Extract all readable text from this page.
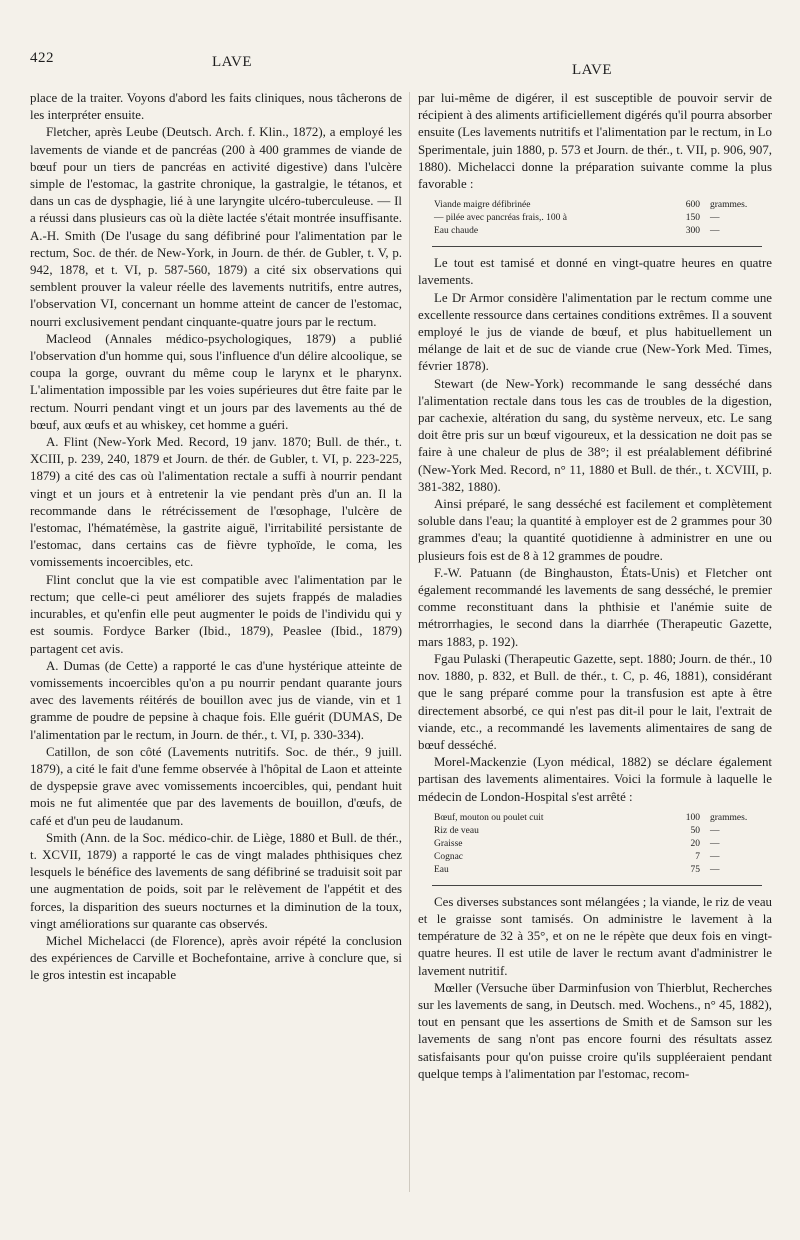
422	LAVE	LAVE

place de la traiter. Voyons d'abord les faits cliniques, nous tâcherons de les interpréter ensuite.

Fletcher, après Leube (Deutsch. Arch. f. Klin., 1872), a employé les lavements de viande et de pancréas (200 à 400 grammes de viande de bœuf pour un tiers de pancréas en activité digestive) dans l'ulcère simple de l'estomac, la gastrite chronique, la gastralgie, le tétanos, et dans un cas de dysphagie, lié à une laryngite ulcéro-tuberculeuse. — Il a réussi dans plusieurs cas où la diète lactée s'était montrée insuffisante. A.-H. Smith (De l'usage du sang défibriné pour l'alimentation par le rectum, Soc. de thér. de New-York, in Journ. de thér. de Gubler, t. V, p. 942, 1878, et t. VI, p. 587-560, 1879) a cité six observations qui semblent prouver la valeur réelle des lavements nutritifs, entre autres, l'observation VI, concernant un homme atteint de cancer de l'estomac, nourri exclusivement pendant cinquante-quatre jours par le rectum.

Macleod (Annales médico-psychologiques, 1879) a publié l'observation d'un homme qui, sous l'influence d'un délire alcoolique, se coupa la gorge, ouvrant du même coup le larynx et le pharynx. L'alimentation impossible par les voies supérieures dut être faite par le rectum. Nourri pendant vingt et un jours par des lavements au thé de bœuf, aux œufs et au whiskey, cet homme a guéri.

A. Flint (New-York Med. Record, 19 janv. 1870; Bull. de thér., t. XCIII, p. 239, 240, 1879 et Journ. de thér. de Gubler, t. VI, p. 223-225, 1879) a cité des cas où l'alimentation rectale a suffi à nourrir pendant vingt et un jours et à entretenir la vie pendant près d'un an. Il la recommande dans le rétrécissement de l'œsophage, l'ulcère de l'estomac, l'hématémèse, la gastrite aiguë, l'irritabilité persistante de l'estomac, dans certains cas de fièvre typhoïde, le coma, les vomissements incoercibles, etc.

Flint conclut que la vie est compatible avec l'alimentation par le rectum; que celle-ci peut améliorer des sujets frappés de maladies incurables, et qu'enfin elle peut augmenter le poids de l'individu qui y est soumis. Fordyce Barker (Ibid., 1879), Peaslee (Ibid., 1879) partagent cet avis.

A. Dumas (de Cette) a rapporté le cas d'une hystérique atteinte de vomissements incoercibles qu'on a pu nourrir pendant quarante jours avec des lavements réitérés de bouillon avec jus de viande, vin et 1 gramme de poudre de pepsine à chaque fois. Elle guérit (DUMAS, De l'alimentation par le rectum, in Journ. de thér., t. VI, p. 330-334).

Catillon, de son côté (Lavements nutritifs. Soc. de thér., 9 juill. 1879), a cité le fait d'une femme observée à l'hôpital de Laon et atteinte de dyspepsie grave avec vomissements incoercibles, qui, pendant huit mois ne fut alimentée que par des lavements de bouillon, d'œufs, de café et d'un peu de laudanum.

Smith (Ann. de la Soc. médico-chir. de Liège, 1880 et Bull. de thér., t. XCVII, 1879) a rapporté le cas de vingt malades phthisiques chez lesquels le bénéfice des lavements de sang défibriné se traduisit soit par une augmentation de poids, soit par le relèvement de l'appétit et des forces, la disparition des sueurs nocturnes et la diminution de la toux, vingt améliorations sur quarante cas observés.

Michel Michelacci (de Florence), après avoir répété la conclusion des expériences de Carville et Bochefontaine, arrive à conclure que, si le gros intestin est incapable

par lui-même de digérer, il est susceptible de pouvoir servir de récipient à des aliments artificiellement digérés qu'il pourra absorber ensuite (Les lavements nutritifs et l'alimentation par le rectum, in Lo Sperimentale, juin 1880, p. 573 et Journ. de thér., t. VII, p. 906, 907, 1880). Michelacci donne la préparation suivante comme la plus favorable :

Viande maigre défibrinée	600	grammes.
— pilée avec pancréas frais,. 100 à	150	—
Eau chaude	300	—

Le tout est tamisé et donné en vingt-quatre heures en quatre lavements.

Le Dr Armor considère l'alimentation par le rectum comme une excellente ressource dans certaines conditions extrêmes. Il a souvent employé le jus de viande de bœuf, et plus habituellement un mélange de lait et de suc de viande crue (New-York Med. Times, février 1878).

Stewart (de New-York) recommande le sang desséché dans l'alimentation rectale dans tous les cas de troubles de la digestion, par cachexie, altération du sang, du système nerveux, etc. Le sang doit être pris sur un bœuf vigoureux, et la dessication ne doit pas se faire à une chaleur de plus de 38°; il est préalablement défibriné (New-York Med. Record, n° 11, 1880 et Bull. de thér., t. XCVIII, p. 381-382, 1880).

Ainsi préparé, le sang desséché est facilement et complètement soluble dans l'eau; la quantité à employer est de 2 grammes pour 30 grammes d'eau; la quantité quotidienne à administrer en une ou plusieurs fois est de 8 à 12 grammes de poudre.

F.-W. Patuann (de Binghauston, États-Unis) et Fletcher ont également recommandé les lavements de sang desséché, le premier comme reconstituant dans la phthisie et l'anémie suite de métrorrhagies, le second dans la diarrhée (Therapeutic Gazette, mars 1883, p. 192).

Fgau Pulaski (Therapeutic Gazette, sept. 1880; Journ. de thér., 10 nov. 1880, p. 832, et Bull. de thér., t. C, p. 46, 1881), considérant que le sang préparé comme pour la transfusion est apte à être directement absorbé, ce qui n'est pas dit-il pour le lait, l'extrait de viande, etc., a recommandé les lavements alimentaires de sang de bœuf desséché.

Morel-Mackenzie (Lyon médical, 1882) se déclare également partisan des lavements alimentaires. Voici la formule à laquelle le médecin de London-Hospital s'est arrêté :

Bœuf, mouton ou poulet cuit	100	grammes.
Riz de veau	50	—
Graisse	20	—
Cognac	7	—
Eau	75	—

Ces diverses substances sont mélangées ; la viande, le riz de veau et le graisse sont tamisés. On administre le lavement à la température de 32 à 35°, et on ne le répète que deux fois en vingt-quatre heures. Il est utile de laver le rectum avant d'administrer le lavement nutritif.

Mœller (Versuche über Darminfusion von Thierblut, Recherches sur les lavements de sang, in Deutsch. med. Wochens., n° 45, 1882), tout en pensant que les assertions de Smith et de Samson sur les lavements de sang n'ont pas encore fourni des résultats assez satisfaisants pour qu'on puisse croire qu'ils suppléeraient pendant quelque temps à l'alimentation par l'estomac, recom-
